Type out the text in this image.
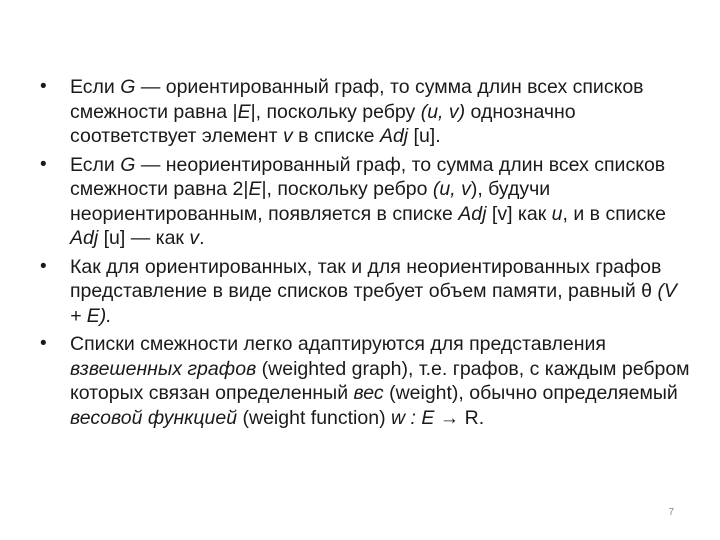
•	Если G — ориентированный граф, то сумма длин всех списков смежности равна |E|, поскольку ребру (u, v) однозначно соответствует элемент v в списке Adj [u].
•	Если G — неориентированный граф, то сумма длин всех списков смежности равна 2|E|, поскольку ребро (u, v), будучи неориентированным, появляется в списке Adj [v] как u, и в списке Adj [u] — как v.
•	Как для ориентированных, так и для неориентированных графов представление в виде списков требует объем памяти, равный θ (V + E).
•	Списки смежности легко адаптируются для представления взвешенных графов (weighted graph), т.е. графов, с каждым ребром которых связан определенный вес (weight), обычно определяемый весовой функцией (weight function) w : E → R.
7
